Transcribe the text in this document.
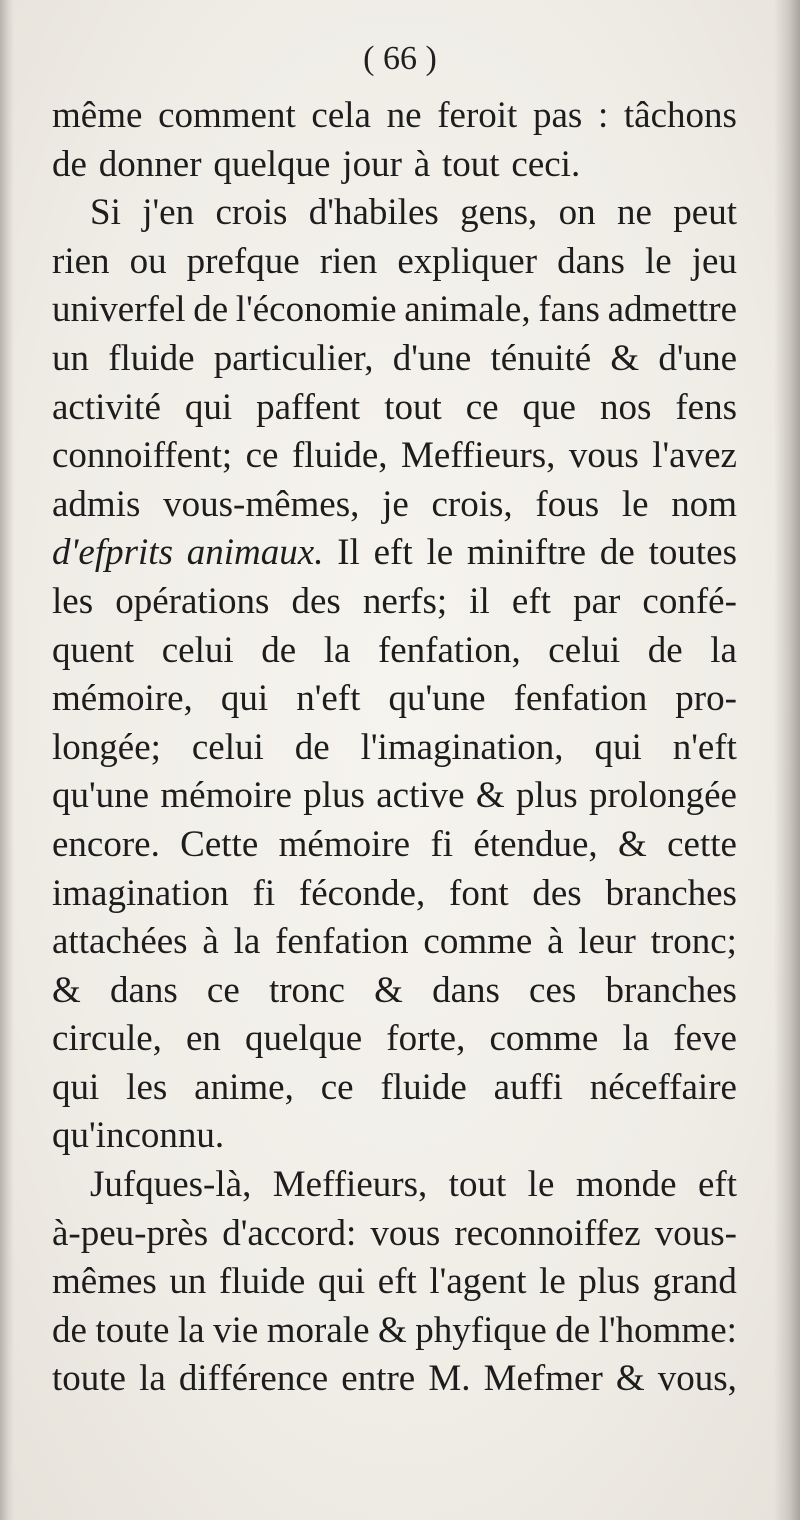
( 66 )
même comment cela ne feroit pas : tâchons
de donner quelque jour à tout ceci.
Si j'en crois d'habiles gens, on ne peut
rien ou prefque rien expliquer dans le jeu
univerfel de l'économie animale, fans admettre
un fluide particulier, d'une ténuité & d'une
activité qui paffent tout ce que nos fens
connoiffent; ce fluide, Meffieurs, vous l'avez
admis vous-mêmes, je crois, fous le nom
d'efprits animaux. Il eft le miniftre de toutes
les opérations des nerfs; il eft par confé-
quent celui de la fenfation, celui de la
mémoire, qui n'eft qu'une fenfation pro-
longée; celui de l'imagination, qui n'eft
qu'une mémoire plus active & plus prolongée
encore. Cette mémoire fi étendue, & cette
imagination fi féconde, font des branches
attachées à la fenfation comme à leur tronc;
& dans ce tronc & dans ces branches
circule, en quelque forte, comme la feve
qui les anime, ce fluide auffi néceffaire
qu'inconnu.
Jufques-là, Meffieurs, tout le monde eft
à-peu-près d'accord: vous reconnoiffez vous-
mêmes un fluide qui eft l'agent le plus grand
de toute la vie morale & phyfique de l'homme:
toute la différence entre M. Mefmer & vous,
